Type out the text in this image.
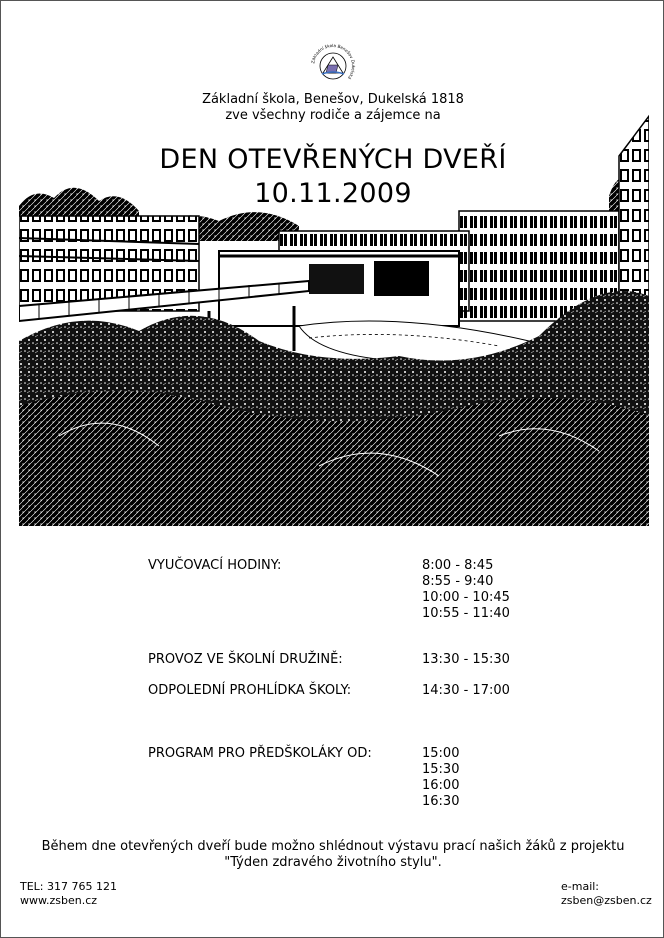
Základní škola Benešov Dukelská
Základní škola, Benešov, Dukelská 1818
zve všechny rodiče a zájemce na
DEN OTEVŘENÝCH DVEŘÍ
10.11.2009
VYUČOVACÍ HODINY:	8:00 - 8:45
8:55 - 9:40
10:00 - 10:45
10:55 - 11:40
PROVOZ VE ŠKOLNÍ DRUŽINĚ:	13:30 - 15:30
ODPOLEDNÍ PROHLÍDKA ŠKOLY:	14:30 - 17:00
PROGRAM PRO PŘEDŠKOLÁKY OD:	15:00
15:30
16:00
16:30
Během dne otevřených dveří bude možno shlédnout výstavu prací našich žáků z projektu
"Týden zdravého životního stylu".
TEL: 317 765 121
www.zsben.cz
e-mail:
zsben@zsben.cz
